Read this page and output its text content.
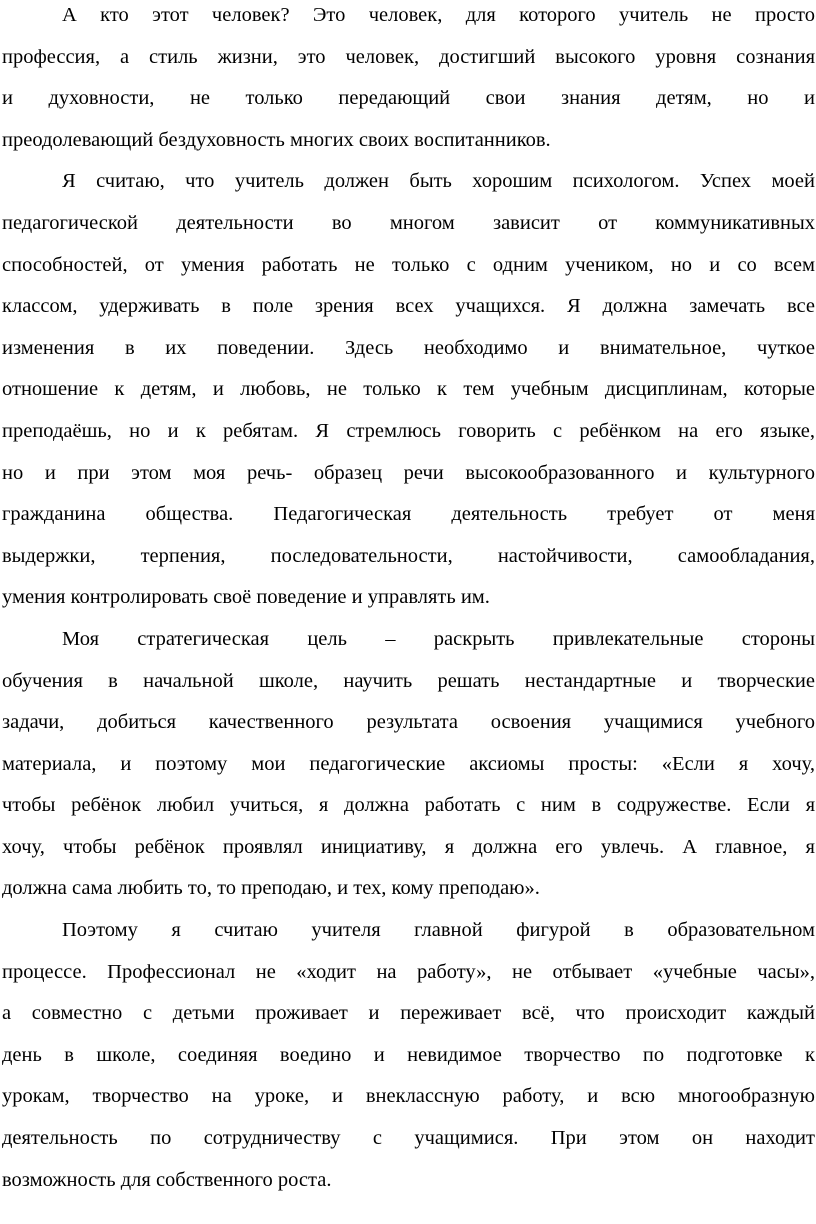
А кто этот человек? Это человек, для которого учитель не просто
профессия, а стиль жизни, это человек, достигший высокого уровня сознания
и духовности, не только передающий свои знания детям, но и
преодолевающий бездуховность многих своих воспитанников.
Я считаю, что учитель должен быть хорошим психологом. Успех моей
педагогической деятельности во многом зависит от коммуникативных
способностей, от умения работать не только с одним учеником, но и со всем
классом, удерживать в поле зрения всех учащихся. Я должна замечать все
изменения в их поведении. Здесь необходимо и внимательное, чуткое
отношение к детям, и любовь, не только к тем учебным дисциплинам, которые
преподаёшь, но и к ребятам. Я стремлюсь говорить с ребёнком на его языке,
но и при этом моя речь- образец речи высокообразованного и культурного
гражданина общества. Педагогическая деятельность требует от меня
выдержки, терпения, последовательности, настойчивости, самообладания,
умения контролировать своё поведение и управлять им.
Моя стратегическая цель – раскрыть привлекательные стороны
обучения в начальной школе, научить решать нестандартные и творческие
задачи, добиться качественного результата освоения учащимися учебного
материала, и поэтому мои педагогические аксиомы просты: «Если я хочу,
чтобы ребёнок любил учиться, я должна работать с ним в содружестве. Если я
хочу, чтобы ребёнок проявлял инициативу, я должна его увлечь. А главное, я
должна сама любить то, то преподаю, и тех, кому преподаю».
Поэтому я считаю учителя главной фигурой в образовательном
процессе. Профессионал не «ходит на работу», не отбывает «учебные часы»,
а совместно с детьми проживает и переживает всё, что происходит каждый
день в школе, соединяя воедино и невидимое творчество по подготовке к
урокам, творчество на уроке, и внеклассную работу, и всю многообразную
деятельность по сотрудничеству с учащимися. При этом он находит
возможность для собственного роста.
